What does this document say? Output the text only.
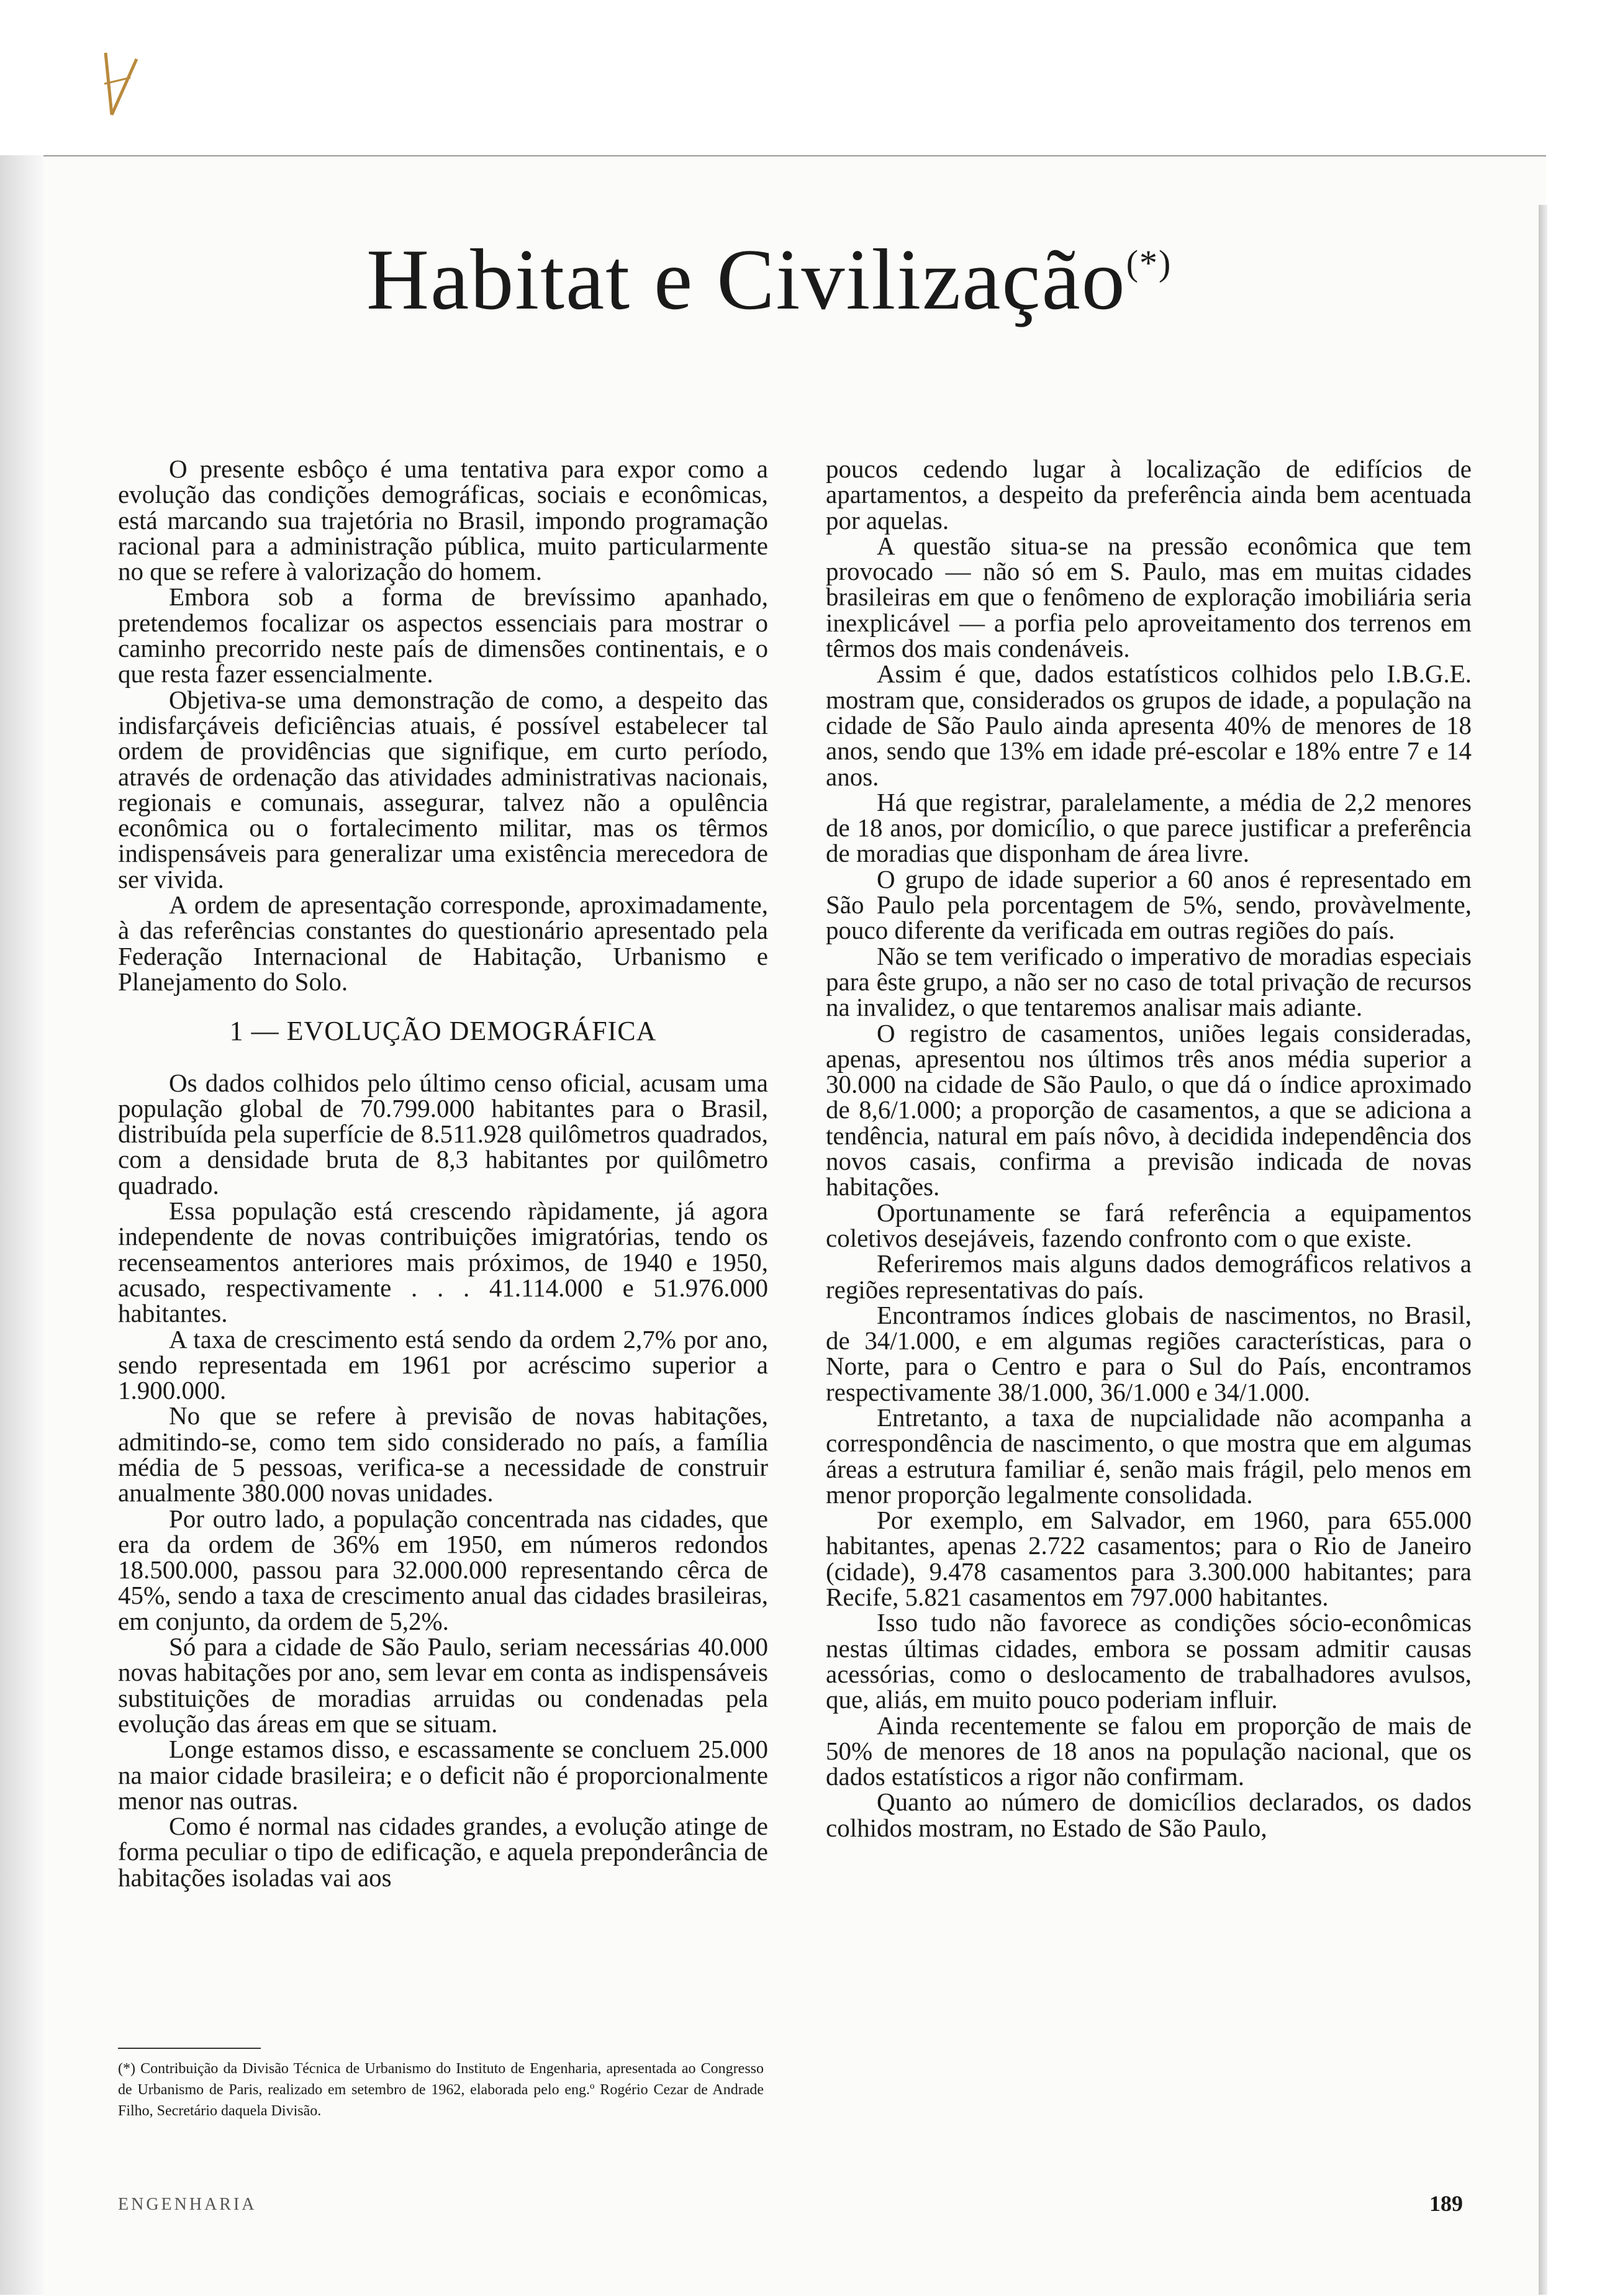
Habitat e Civilização(*)

O presente esbôço é uma tentativa para expor como a evolução das condições demográficas, sociais e econômicas, está marcando sua trajetória no Brasil, impondo programação racional para a administração pública, muito particularmente no que se refere à valorização do homem.

Embora sob a forma de brevíssimo apanhado, pretendemos focalizar os aspectos essenciais para mostrar o caminho precorrido neste país de dimensões continentais, e o que resta fazer essencialmente.

Objetiva-se uma demonstração de como, a despeito das indisfarçáveis deficiências atuais, é possível estabelecer tal ordem de providências que signifique, em curto período, através de ordenação das atividades administrativas nacionais, regionais e comunais, assegurar, talvez não a opulência econômica ou o fortalecimento militar, mas os têrmos indispensáveis para generalizar uma existência merecedora de ser vivida.

A ordem de apresentação corresponde, aproximadamente, à das referências constantes do questionário apresentado pela Federação Internacional de Habitação, Urbanismo e Planejamento do Solo.

1 — EVOLUÇÃO DEMOGRÁFICA

Os dados colhidos pelo último censo oficial, acusam uma população global de 70.799.000 habitantes para o Brasil, distribuída pela superfície de 8.511.928 quilômetros quadrados, com a densidade bruta de 8,3 habitantes por quilômetro quadrado.

Essa população está crescendo ràpidamente, já agora independente de novas contribuições imigratórias, tendo os recenseamentos anteriores mais próximos, de 1940 e 1950, acusado, respectivamente . . . 41.114.000 e 51.976.000 habitantes.

A taxa de crescimento está sendo da ordem 2,7% por ano, sendo representada em 1961 por acréscimo superior a 1.900.000.

No que se refere à previsão de novas habitações, admitindo-se, como tem sido considerado no país, a família média de 5 pessoas, verifica-se a necessidade de construir anualmente 380.000 novas unidades.

Por outro lado, a população concentrada nas cidades, que era da ordem de 36% em 1950, em números redondos 18.500.000, passou para 32.000.000 representando cêrca de 45%, sendo a taxa de crescimento anual das cidades brasileiras, em conjunto, da ordem de 5,2%.

Só para a cidade de São Paulo, seriam necessárias 40.000 novas habitações por ano, sem levar em conta as indispensáveis substituições de moradias arruidas ou condenadas pela evolução das áreas em que se situam.

Longe estamos disso, e escassamente se concluem 25.000 na maior cidade brasileira; e o deficit não é proporcionalmente menor nas outras.

Como é normal nas cidades grandes, a evolução atinge de forma peculiar o tipo de edificação, e aquela preponderância de habitações isoladas vai aos

poucos cedendo lugar à localização de edifícios de apartamentos, a despeito da preferência ainda bem acentuada por aquelas.

A questão situa-se na pressão econômica que tem provocado — não só em S. Paulo, mas em muitas cidades brasileiras em que o fenômeno de exploração imobiliária seria inexplicável — a porfia pelo aproveitamento dos terrenos em têrmos dos mais condenáveis.

Assim é que, dados estatísticos colhidos pelo I.B.G.E. mostram que, considerados os grupos de idade, a população na cidade de São Paulo ainda apresenta 40% de menores de 18 anos, sendo que 13% em idade pré-escolar e 18% entre 7 e 14 anos.

Há que registrar, paralelamente, a média de 2,2 menores de 18 anos, por domicílio, o que parece justificar a preferência de moradias que disponham de área livre.

O grupo de idade superior a 60 anos é representado em São Paulo pela porcentagem de 5%, sendo, provàvelmente, pouco diferente da verificada em outras regiões do país.

Não se tem verificado o imperativo de moradias especiais para êste grupo, a não ser no caso de total privação de recursos na invalidez, o que tentaremos analisar mais adiante.

O registro de casamentos, uniões legais consideradas, apenas, apresentou nos últimos três anos média superior a 30.000 na cidade de São Paulo, o que dá o índice aproximado de 8,6/1.000; a proporção de casamentos, a que se adiciona a tendência, natural em país nôvo, à decidida independência dos novos casais, confirma a previsão indicada de novas habitações.

Oportunamente se fará referência a equipamentos coletivos desejáveis, fazendo confronto com o que existe.

Referiremos mais alguns dados demográficos relativos a regiões representativas do país.

Encontramos índices globais de nascimentos, no Brasil, de 34/1.000, e em algumas regiões características, para o Norte, para o Centro e para o Sul do País, encontramos respectivamente 38/1.000, 36/1.000 e 34/1.000.

Entretanto, a taxa de nupcialidade não acompanha a correspondência de nascimento, o que mostra que em algumas áreas a estrutura familiar é, senão mais frágil, pelo menos em menor proporção legalmente consolidada.

Por exemplo, em Salvador, em 1960, para 655.000 habitantes, apenas 2.722 casamentos; para o Rio de Janeiro (cidade), 9.478 casamentos para 3.300.000 habitantes; para Recife, 5.821 casamentos em 797.000 habitantes.

Isso tudo não favorece as condições sócio-econômicas nestas últimas cidades, embora se possam admitir causas acessórias, como o deslocamento de trabalhadores avulsos, que, aliás, em muito pouco poderiam influir.

Ainda recentemente se falou em proporção de mais de 50% de menores de 18 anos na população nacional, que os dados estatísticos a rigor não confirmam.

Quanto ao número de domicílios declarados, os dados colhidos mostram, no Estado de São Paulo,

(*) Contribuição da Divisão Técnica de Urbanismo do Instituto de Engenharia, apresentada ao Congresso de Urbanismo de Paris, realizado em setembro de 1962, elaborada pelo eng.º Rogério Cezar de Andrade Filho, Secretário daquela Divisão.
ENGENHARIA	189
